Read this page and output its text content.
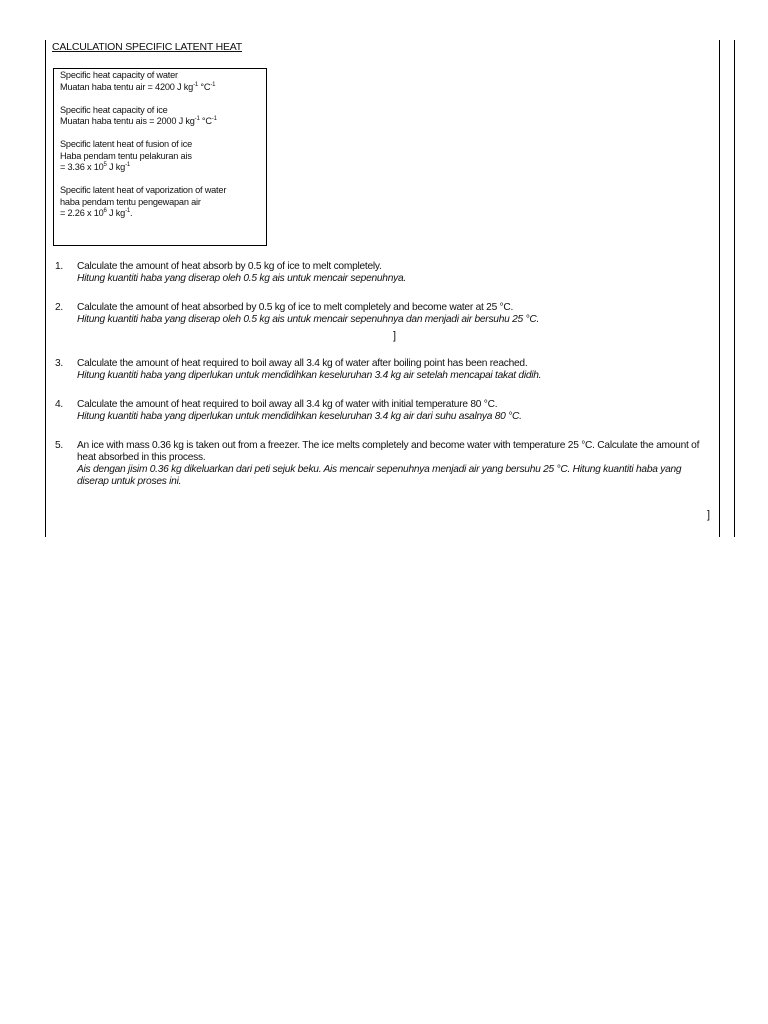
CALCULATION SPECIFIC LATENT HEAT
Specific heat capacity of water
Muatan haba tentu air = 4200 J $kg^{-1}$ $^\circ C^{-1}$
Specific heat capacity of ice
Muatan haba tentu ais = 2000 J $kg^{-1}$ $^\circ C^{-1}$
Specific latent heat of fusion of ice
Haba pendam tentu pelakuran ais
= 3.36 x $10^5$ J $kg^{-1}$
Specific latent heat of vaporization of water
haba pendam tentu pengewapan air
= 2.26 x $10^6$ J $kg^{-1}$.
1. Calculate the amount of heat absorb by 0.5 kg of ice to melt completely.
Hitung kuantiti haba yang diserap oleh 0.5 kg ais untuk mencair sepenuhnya.
2. Calculate the amount of heat absorbed by 0.5 kg of ice to melt completely and become water at 25 °C.
Hitung kuantiti haba yang diserap oleh 0.5 kg ais untuk mencair sepenuhnya dan menjadi air bersuhu 25 °C.
]
3. Calculate the amount of heat required to boil away all 3.4 kg of water after boiling point has been reached.
Hitung kuantiti haba yang diperlukan untuk mendidihkan keseluruhan 3.4 kg air setelah mencapai takat didih.
4. Calculate the amount of heat required to boil away all 3.4 kg of water with initial temperature 80 °C.
Hitung kuantiti haba yang diperlukan untuk mendidihkan keseluruhan 3.4 kg air dari suhu asalnya 80 °C.
5. An ice with mass 0.36 kg is taken out from a freezer. The ice melts completely and become water with temperature 25 °C. Calculate the amount of heat absorbed in this process.
Ais dengan jisim 0.36 kg dikeluarkan dari peti sejuk beku. Ais mencair sepenuhnya menjadi air yang bersuhu 25 °C. Hitung kuantiti haba yang diserap untuk proses ini.
]
